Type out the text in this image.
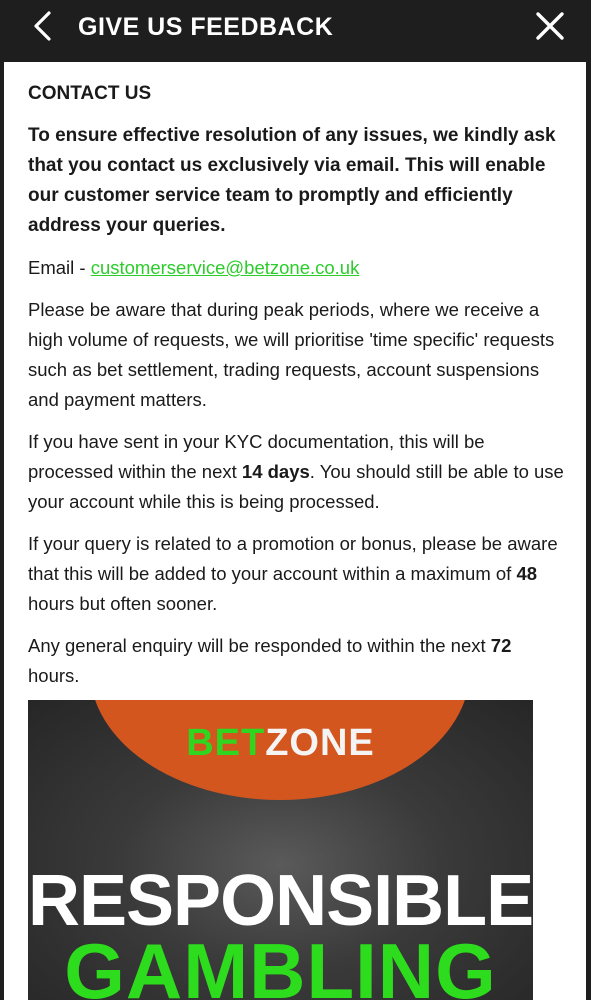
GIVE US FEEDBACK
CONTACT US

To ensure effective resolution of any issues, we kindly ask that you contact us exclusively via email. This will enable our customer service team to promptly and efficiently address your queries.

Email - customerservice@betzone.co.uk

Please be aware that during peak periods, where we receive a high volume of requests, we will prioritise 'time specific' requests such as bet settlement, trading requests, account suspensions and payment matters.

If you have sent in your KYC documentation, this will be processed within the next 14 days. You should still be able to use your account while this is being processed.

If your query is related to a promotion or bonus, please be aware that this will be added to your account within a maximum of 48 hours but often sooner.

Any general enquiry will be responded to within the next 72 hours.

BETZONE
RESPONSIBLE
GAMBLING
